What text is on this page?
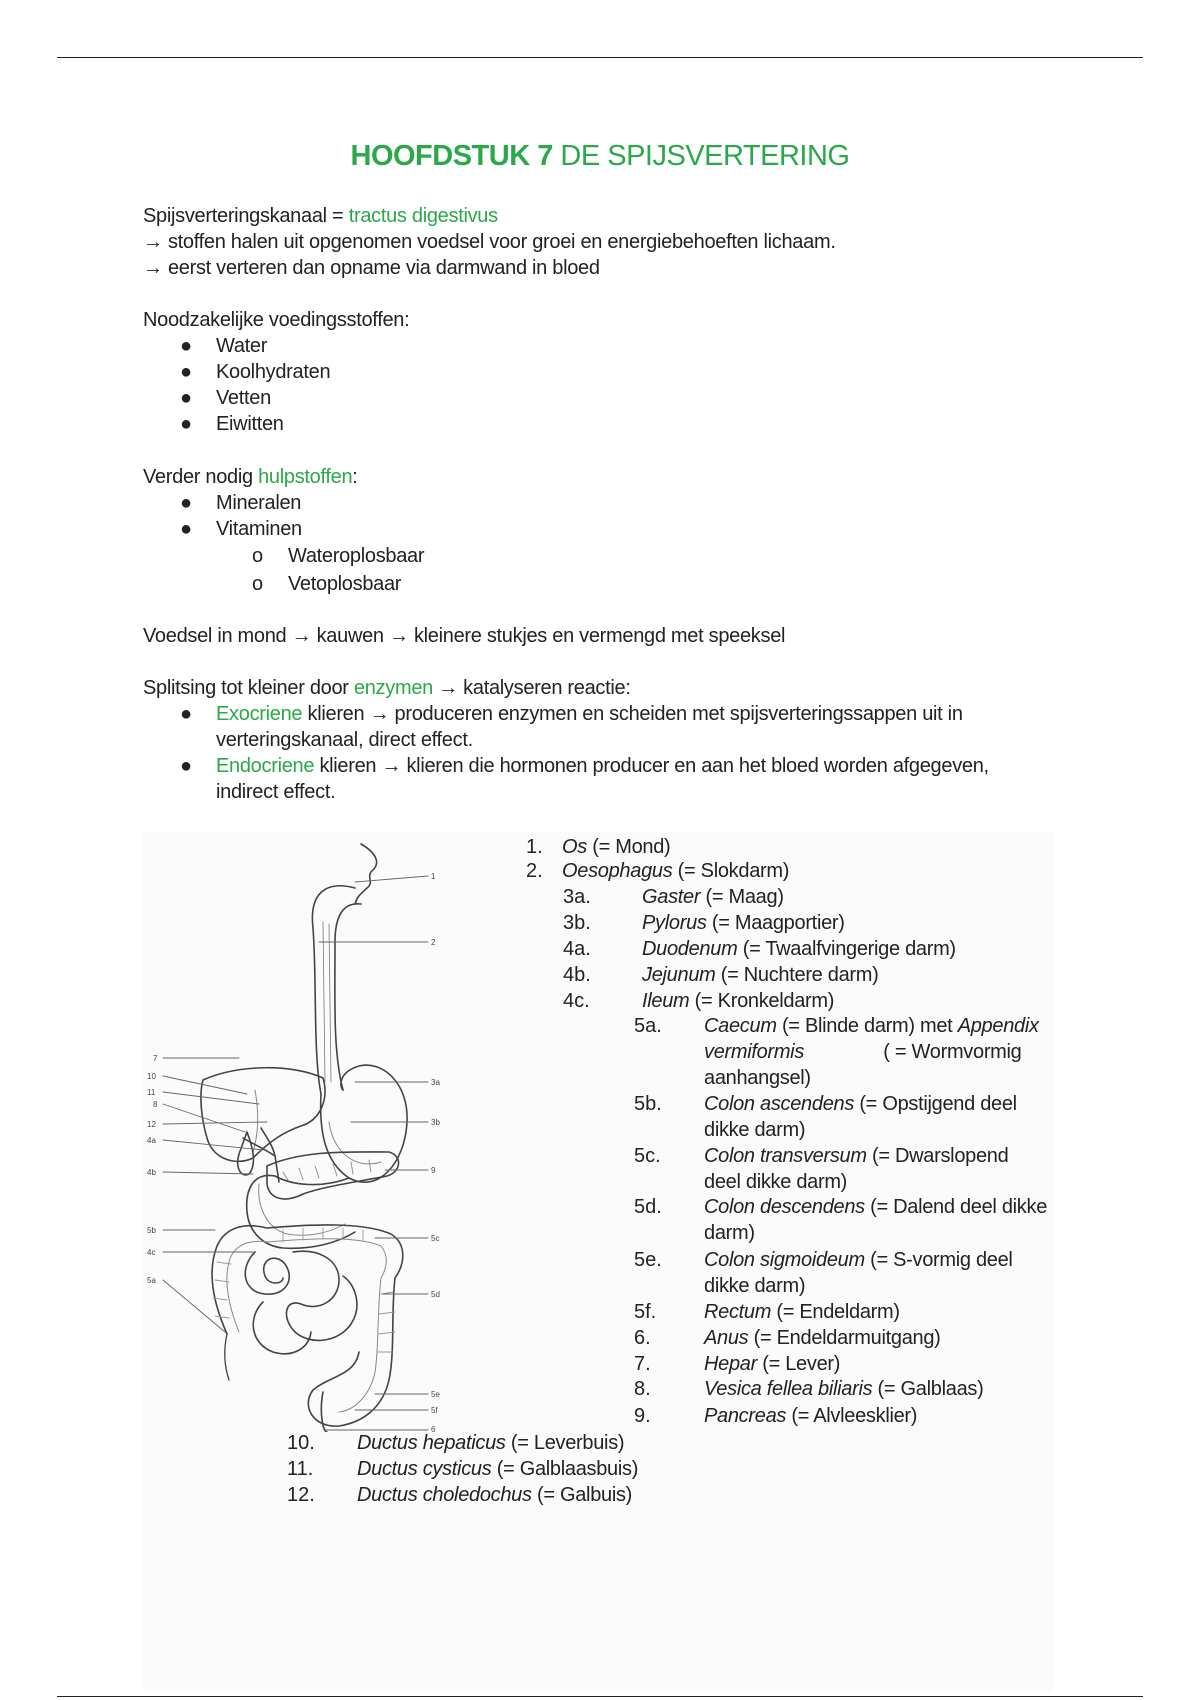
HOOFDSTUK 7 DE SPIJSVERTERING
Spijsverteringskanaal = tractus digestivus
→ stoffen halen uit opgenomen voedsel voor groei en energiebehoeften lichaam.
→ eerst verteren dan opname via darmwand in bloed
Noodzakelijke voedingsstoffen:
● Water
● Koolhydraten
● Vetten
● Eiwitten
Verder nodig hulpstoffen:
● Mineralen
● Vitaminen
o Wateroplosbaar
o Vetoplosbaar
Voedsel in mond → kauwen → kleinere stukjes en vermengd met speeksel
Splitsing tot kleiner door enzymen → katalyseren reactie:
● Exocriene klieren → produceren enzymen en scheiden met spijsverteringssappen uit in
verteringskanaal, direct effect.
● Endocriene klieren → klieren die hormonen producer en aan het bloed worden afgegeven,
indirect effect.
1
2
3a
3b
9
5c
5d
5e
5f
6
7
10
11
8
12
4a
4b
5b
4c
5a
1. Os (= Mond)
2. Oesophagus (= Slokdarm)
3a.	Gaster (= Maag)
3b.	Pylorus (= Maagportier)
4a.	Duodenum (= Twaalfvingerige darm)
4b.	Jejunum (= Nuchtere darm)
4c.	Ileum (= Kronkeldarm)
5a. Caecum (= Blinde darm) met Appendix
vermiformis	( = Wormvormig
aanhangsel)
5b. Colon ascendens (= Opstijgend deel
dikke darm)
5c. Colon transversum (= Dwarslopend
deel dikke darm)
5d. Colon descendens (= Dalend deel dikke
darm)
5e. Colon sigmoideum (= S-vormig deel
dikke darm)
5f. Rectum (= Endeldarm)
6.	Anus (= Endeldarmuitgang)
7.	Hepar (= Lever)
8.	Vesica fellea biliaris (= Galblaas)
9.	Pancreas (= Alvleesklier)
10. Ductus hepaticus (= Leverbuis)
11. Ductus cysticus (= Galblaasbuis)
12. Ductus choledochus (= Galbuis)
